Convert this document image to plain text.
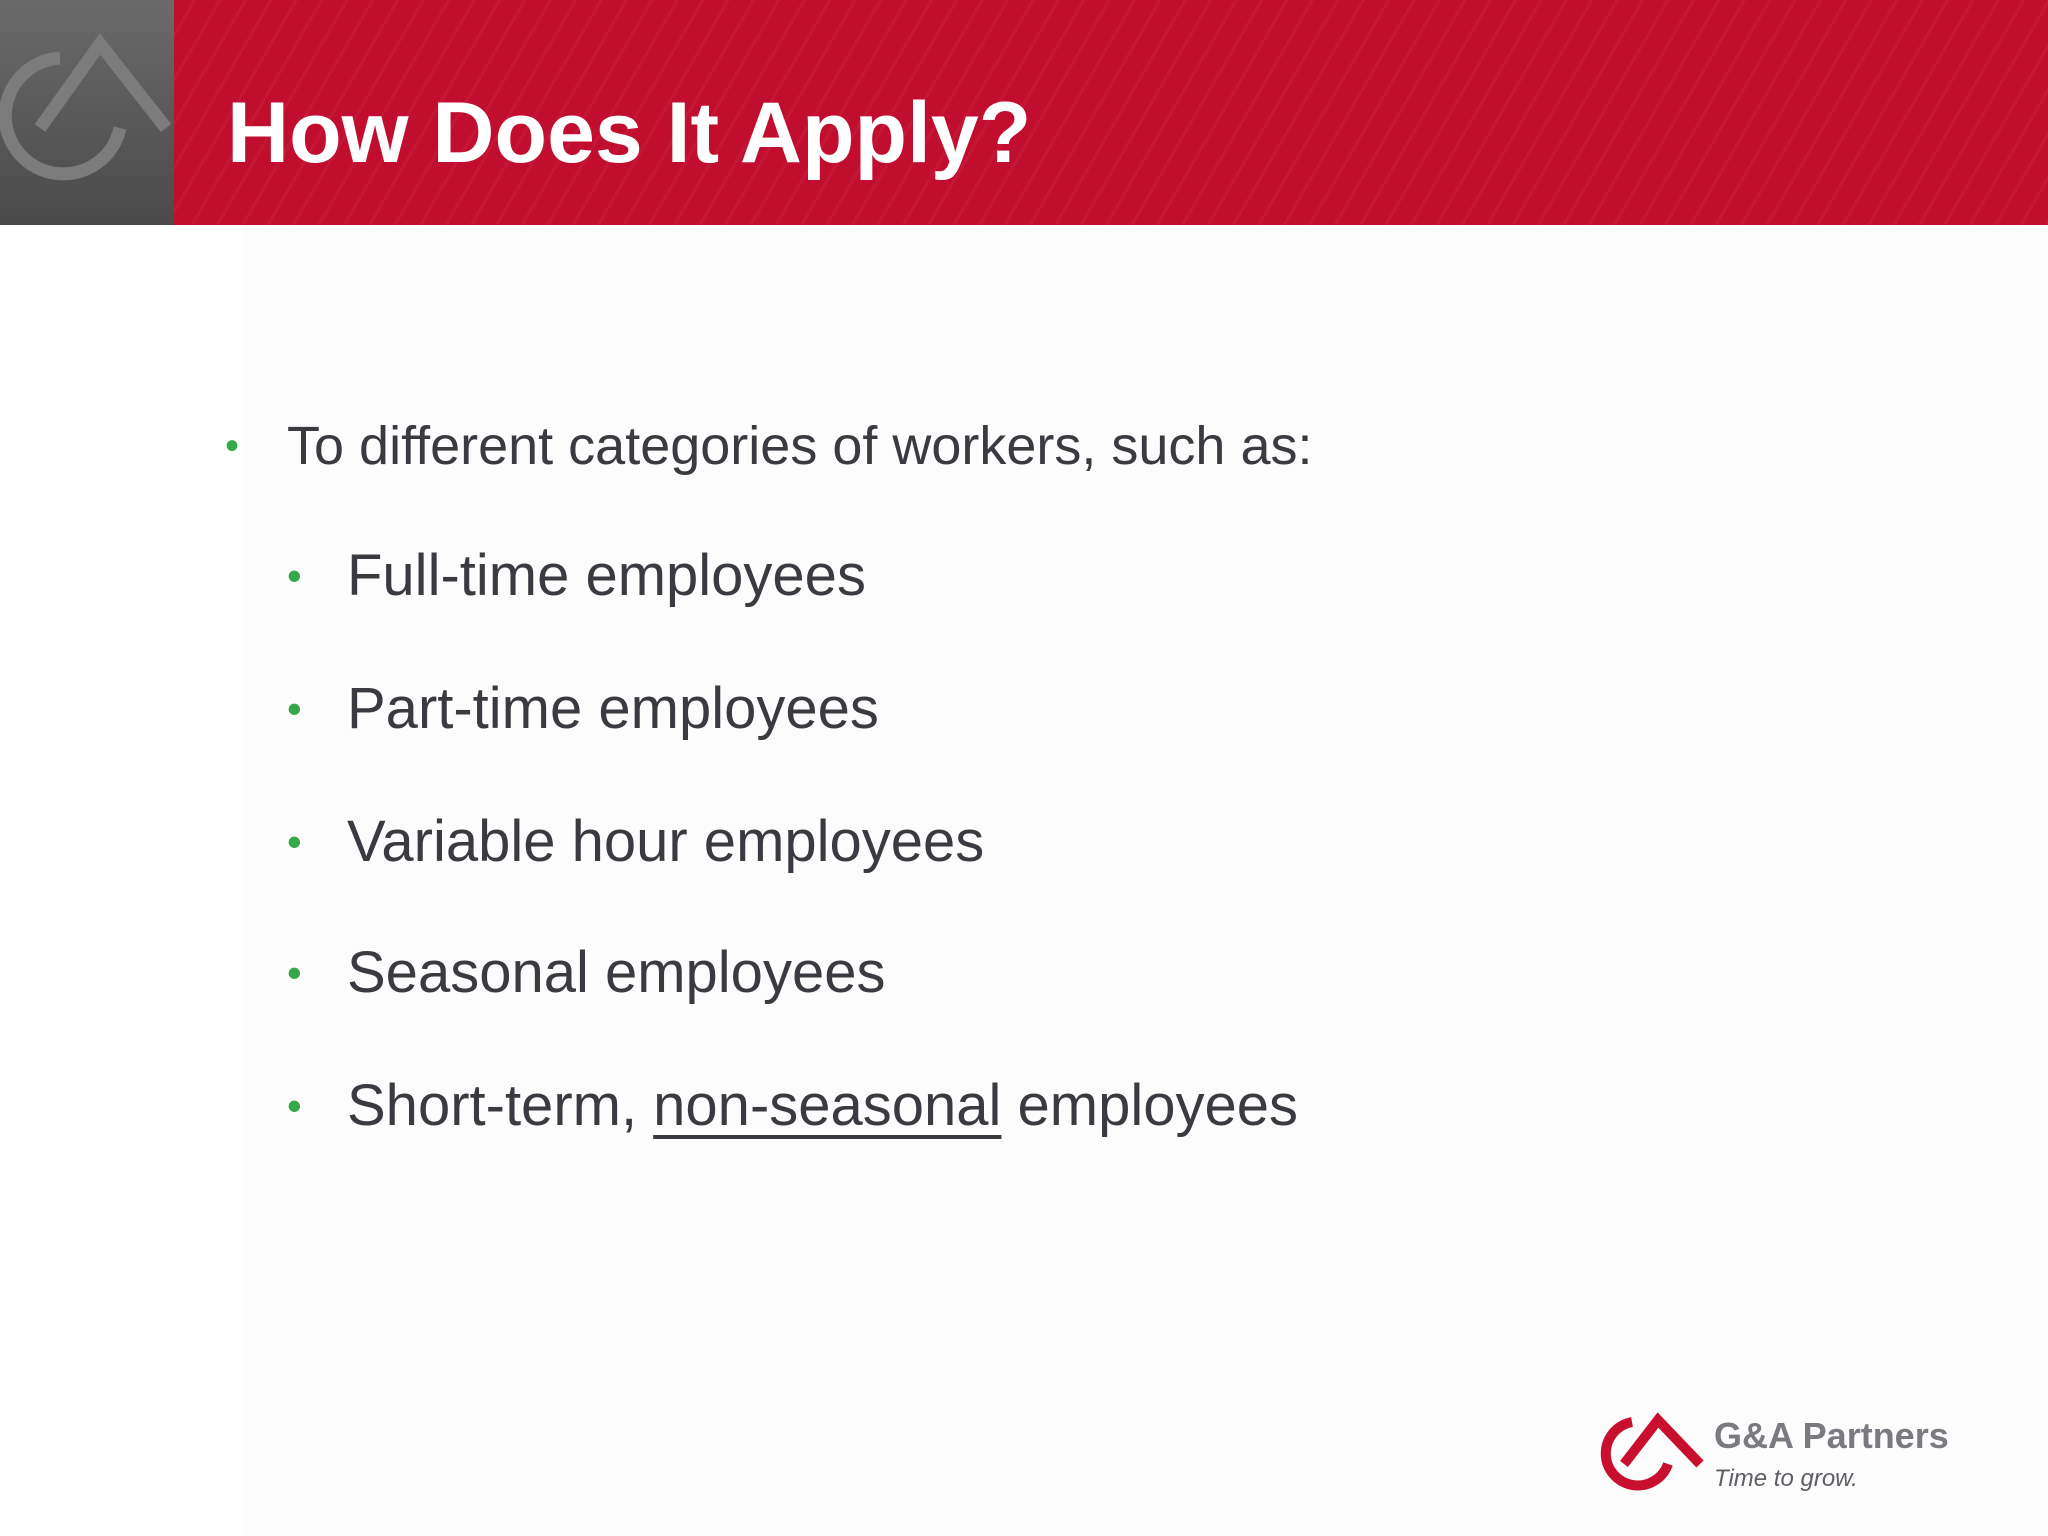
How Does It Apply?
• To different categories of workers, such as:
• Full-time employees
• Part-time employees
• Variable hour employees
• Seasonal employees
• Short-term, non-seasonal employees
G&A Partners
Time to grow.
